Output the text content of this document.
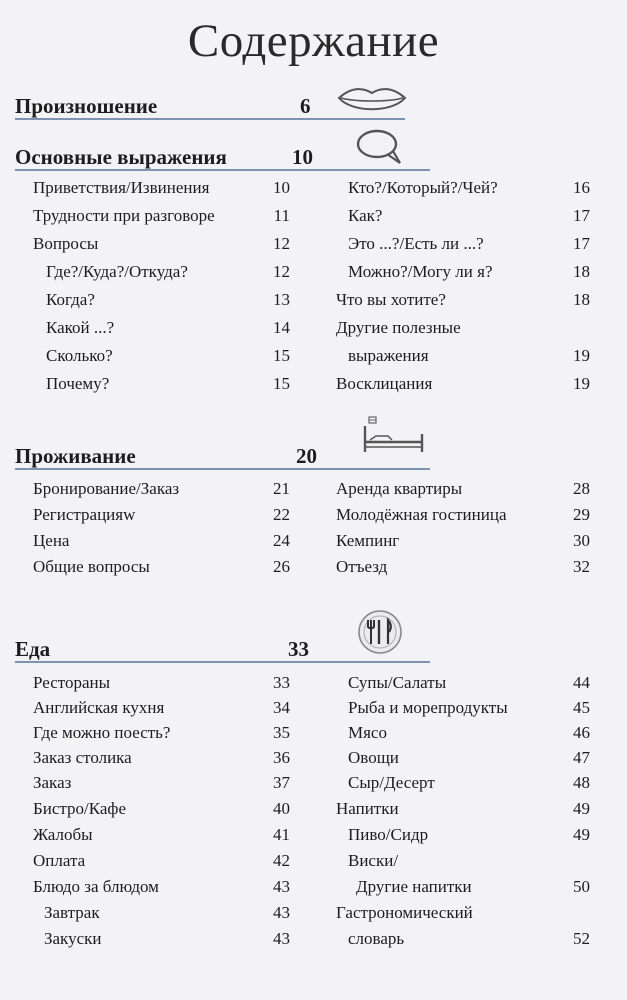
Содержание
Произношение	6
Основные выражения	10
Приветствия/Извинения	10
Трудности при разговоре	11
Вопросы	12
Где?/Куда?/Откуда?	12
Когда?	13
Какой ...?	14
Сколько?	15
Почему?	15
Кто?/Который?/Чей?	16
Как?	17
Это ...?/Есть ли ...?	17
Можно?/Могу ли я?	18
Что вы хотите?	18
Другие полезные
выражения	19
Восклицания	19
Проживание	20
Бронирование/Заказ	21
Регистрацияw	22
Цена	24
Общие вопросы	26
Аренда квартиры	28
Молодёжная гостиница	29
Кемпинг	30
Отъезд	32
Еда	33
Рестораны	33
Английская кухня	34
Где можно поесть?	35
Заказ столика	36
Заказ	37
Бистро/Кафе	40
Жалобы	41
Оплата	42
Блюдо за блюдом	43
Завтрак	43
Закуски	43
Супы/Салаты	44
Рыба и морепродукты	45
Мясо	46
Овощи	47
Сыр/Десерт	48
Напитки	49
Пиво/Сидр	49
Виски/
Другие напитки	50
Гастрономический
словарь	52
